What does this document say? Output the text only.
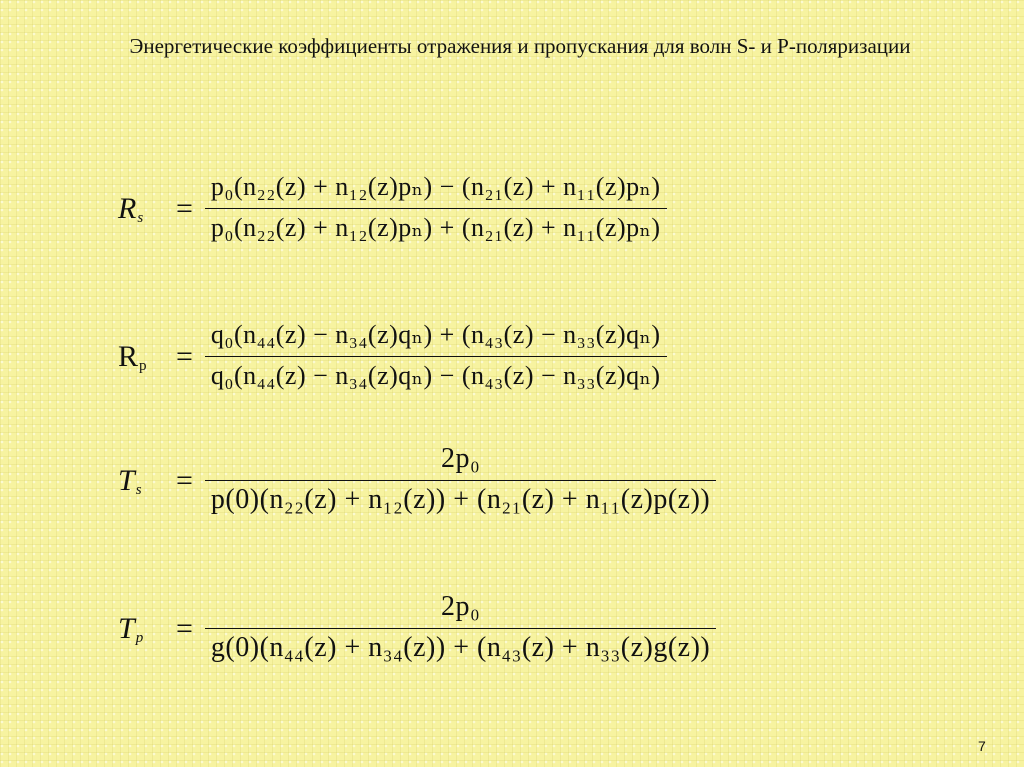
Энергетические коэффициенты отражения и пропускания для волн S- и P-поляризации
$R_s = \frac{\text{p₀(n₂₂(z) + n₁₂(z)pₙ) − (n₂₁(z) + n₁₁(z)pₙ)}}{\text{p₀(n₂₂(z) + n₁₂(z)pₙ) + (n₂₁(z) + n₁₁(z)pₙ)}}$
$R_p = \frac{\text{q₀(n₄₄(z) − n₃₄(z)qₙ) + (n₄₃(z) − n₃₃(z)qₙ)}}{\text{q₀(n₄₄(z) − n₃₄(z)qₙ) − (n₄₃(z) − n₃₃(z)qₙ)}}$
$T_s = \frac{\text{2p₀}}{\text{p(0)(n₂₂(z) + n₁₂(z)) + (n₂₁(z) + n₁₁(z)p(z))}}$
$T_p = \frac{\text{2p₀}}{\text{g(0)(n₄₄(z) + n₃₄(z)) + (n₄₃(z) + n₃₃(z)g(z))}}$
7
